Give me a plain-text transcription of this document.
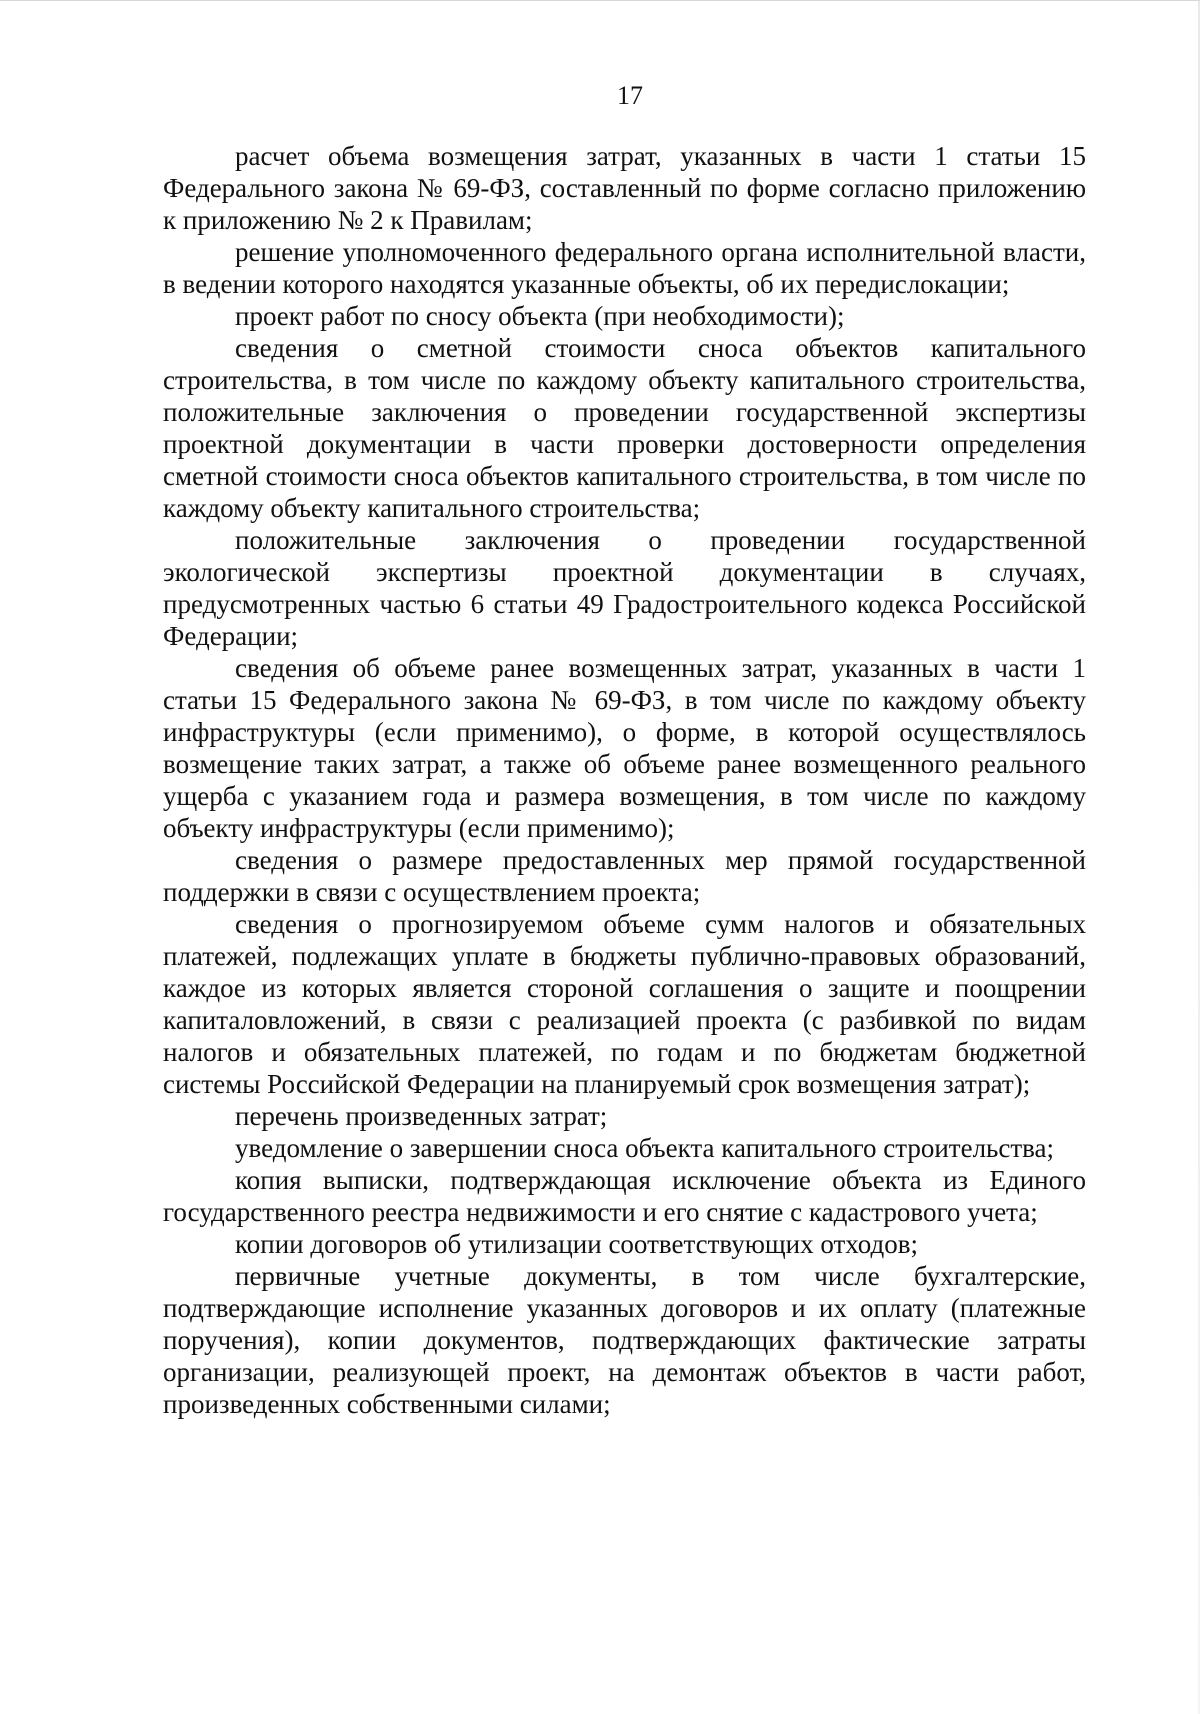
17

расчет объема возмещения затрат, указанных в части 1 статьи 15 Федерального закона № 69-ФЗ, составленный по форме согласно приложению к приложению № 2 к Правилам;

решение уполномоченного федерального органа исполнительной власти, в ведении которого находятся указанные объекты, об их передислокации;

проект работ по сносу объекта (при необходимости);

сведения о сметной стоимости сноса объектов капитального строительства, в том числе по каждому объекту капитального строительства, положительные заключения о проведении государственной экспертизы проектной документации в части проверки достоверности определения сметной стоимости сноса объектов капитального строительства, в том числе по каждому объекту капитального строительства;

положительные заключения о проведении государственной экологической экспертизы проектной документации в случаях, предусмотренных частью 6 статьи 49 Градостроительного кодекса Российской Федерации;

сведения об объеме ранее возмещенных затрат, указанных в части 1 статьи 15 Федерального закона № 69-ФЗ, в том числе по каждому объекту инфраструктуры (если применимо), о форме, в которой осуществлялось возмещение таких затрат, а также об объеме ранее возмещенного реального ущерба с указанием года и размера возмещения, в том числе по каждому объекту инфраструктуры (если применимо);

сведения о размере предоставленных мер прямой государственной поддержки в связи с осуществлением проекта;

сведения о прогнозируемом объеме сумм налогов и обязательных платежей, подлежащих уплате в бюджеты публично-правовых образований, каждое из которых является стороной соглашения о защите и поощрении капиталовложений, в связи с реализацией проекта (с разбивкой по видам налогов и обязательных платежей, по годам и по бюджетам бюджетной системы Российской Федерации на планируемый срок возмещения затрат);

перечень произведенных затрат;

уведомление о завершении сноса объекта капитального строительства;

копия выписки, подтверждающая исключение объекта из Единого государственного реестра недвижимости и его снятие с кадастрового учета;

копии договоров об утилизации соответствующих отходов;

первичные учетные документы, в том числе бухгалтерские, подтверждающие исполнение указанных договоров и их оплату (платежные поручения), копии документов, подтверждающих фактические затраты организации, реализующей проект, на демонтаж объектов в части работ, произведенных собственными силами;
